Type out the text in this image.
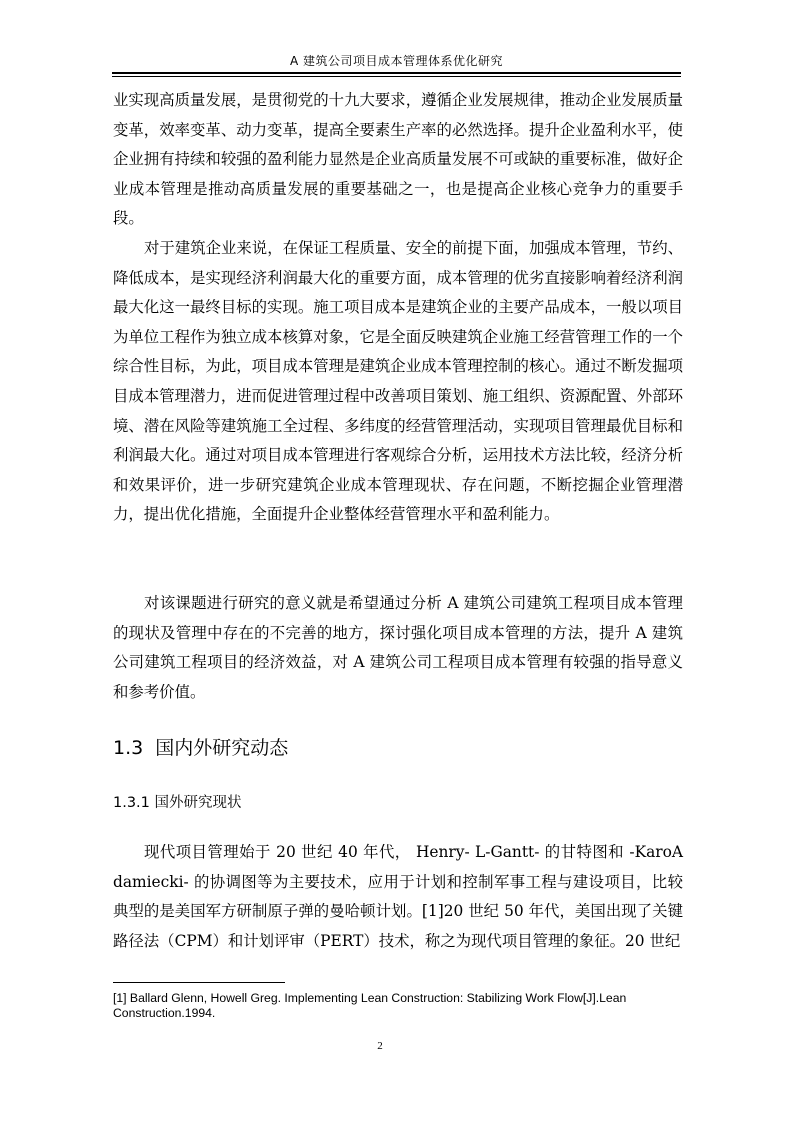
A 建筑公司项目成本管理体系优化研究

业实现高质量发展，是贯彻党的十九大要求，遵循企业发展规律，推动企业发展质量变革，效率变革、动力变革，提高全要素生产率的必然选择。提升企业盈利水平，使企业拥有持续和较强的盈利能力显然是企业高质量发展不可或缺的重要标准，做好企业成本管理是推动高质量发展的重要基础之一，也是提高企业核心竞争力的重要手段。

对于建筑企业来说，在保证工程质量、安全的前提下面，加强成本管理，节约、降低成本，是实现经济利润最大化的重要方面，成本管理的优劣直接影响着经济利润最大化这一最终目标的实现。施工项目成本是建筑企业的主要产品成本，一般以项目为单位工程作为独立成本核算对象，它是全面反映建筑企业施工经营管理工作的一个综合性目标，为此，项目成本管理是建筑企业成本管理控制的核心。通过不断发掘项目成本管理潜力，进而促进管理过程中改善项目策划、施工组织、资源配置、外部环境、潜在风险等建筑施工全过程、多纬度的经营管理活动，实现项目管理最优目标和利润最大化。通过对项目成本管理进行客观综合分析，运用技术方法比较，经济分析和效果评价，进一步研究建筑企业成本管理现状、存在问题，不断挖掘企业管理潜力，提出优化措施，全面提升企业整体经营管理水平和盈利能力。

对该课题进行研究的意义就是希望通过分析 A 建筑公司建筑工程项目成本管理的现状及管理中存在的不完善的地方，探讨强化项目成本管理的方法，提升 A 建筑公司建筑工程项目的经济效益，对 A 建筑公司工程项目成本管理有较强的指导意义和参考价值。

1.3 国内外研究动态
1.3.1 国外研究现状

现代项目管理始于 20 世纪 40 年代， Henry- L-Gantt- 的甘特图和 -KaroA damiecki- 的协调图等为主要技术，应用于计划和控制军事工程与建设项目，比较典型的是美国军方研制原子弹的曼哈顿计划。[1]20 世纪 50 年代，美国出现了关键路径法（CPM）和计划评审（PERT）技术，称之为现代项目管理的象征。20 世纪

[1] Ballard Glenn, Howell Greg. Implementing Lean Construction: Stabilizing Work Flow[J].Lean Construction.1994.

2
